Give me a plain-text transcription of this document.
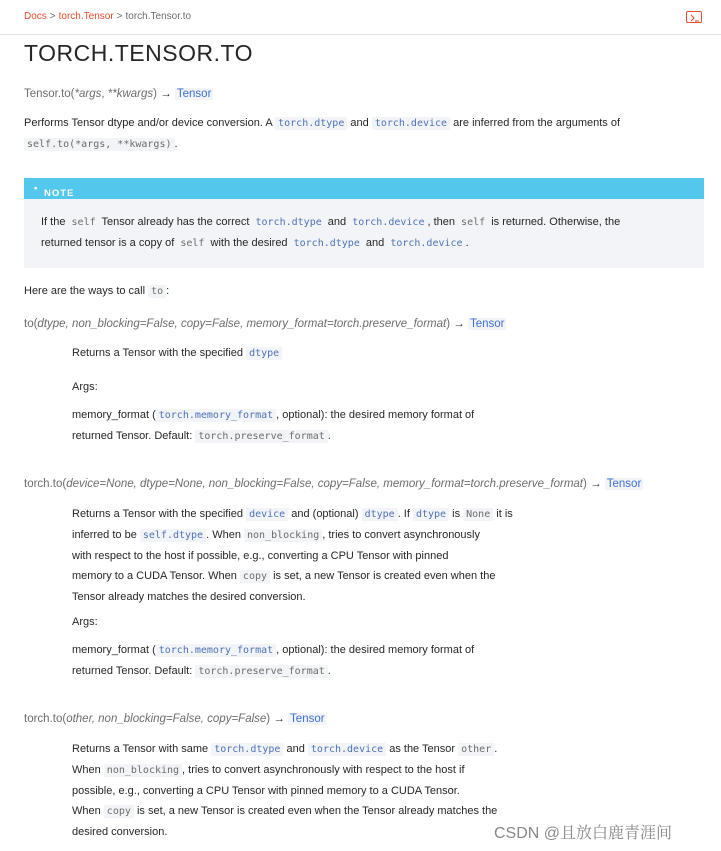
Docs > torch.Tensor > torch.Tensor.to
TORCH.TENSOR.TO
Tensor.to(*args, **kwargs) → Tensor
Performs Tensor dtype and/or device conversion. A torch.dtype and torch.device are inferred from the arguments of
self.to(*args, **kwargs) .
▪ NOTE
If the self Tensor already has the correct torch.dtype and torch.device , then self is returned. Otherwise, the
returned tensor is a copy of self with the desired torch.dtype and torch.device .
Here are the ways to call to :
to(dtype, non_blocking=False, copy=False, memory_format=torch.preserve_format) → Tensor
Returns a Tensor with the specified dtype
Args:
memory_format ( torch.memory_format , optional): the desired memory format of
returned Tensor. Default: torch.preserve_format .
torch.to(device=None, dtype=None, non_blocking=False, copy=False, memory_format=torch.preserve_format) → Tensor
Returns a Tensor with the specified device and (optional) dtype . If dtype is None it is
inferred to be self.dtype . When non_blocking , tries to convert asynchronously
with respect to the host if possible, e.g., converting a CPU Tensor with pinned
memory to a CUDA Tensor. When copy is set, a new Tensor is created even when the
Tensor already matches the desired conversion.
Args:
memory_format ( torch.memory_format , optional): the desired memory format of
returned Tensor. Default: torch.preserve_format .
torch.to(other, non_blocking=False, copy=False) → Tensor
Returns a Tensor with same torch.dtype and torch.device as the Tensor other .
When non_blocking , tries to convert asynchronously with respect to the host if
possible, e.g., converting a CPU Tensor with pinned memory to a CUDA Tensor.
When copy is set, a new Tensor is created even when the Tensor already matches the
desired conversion.	CSDN @且放白鹿青涯间
